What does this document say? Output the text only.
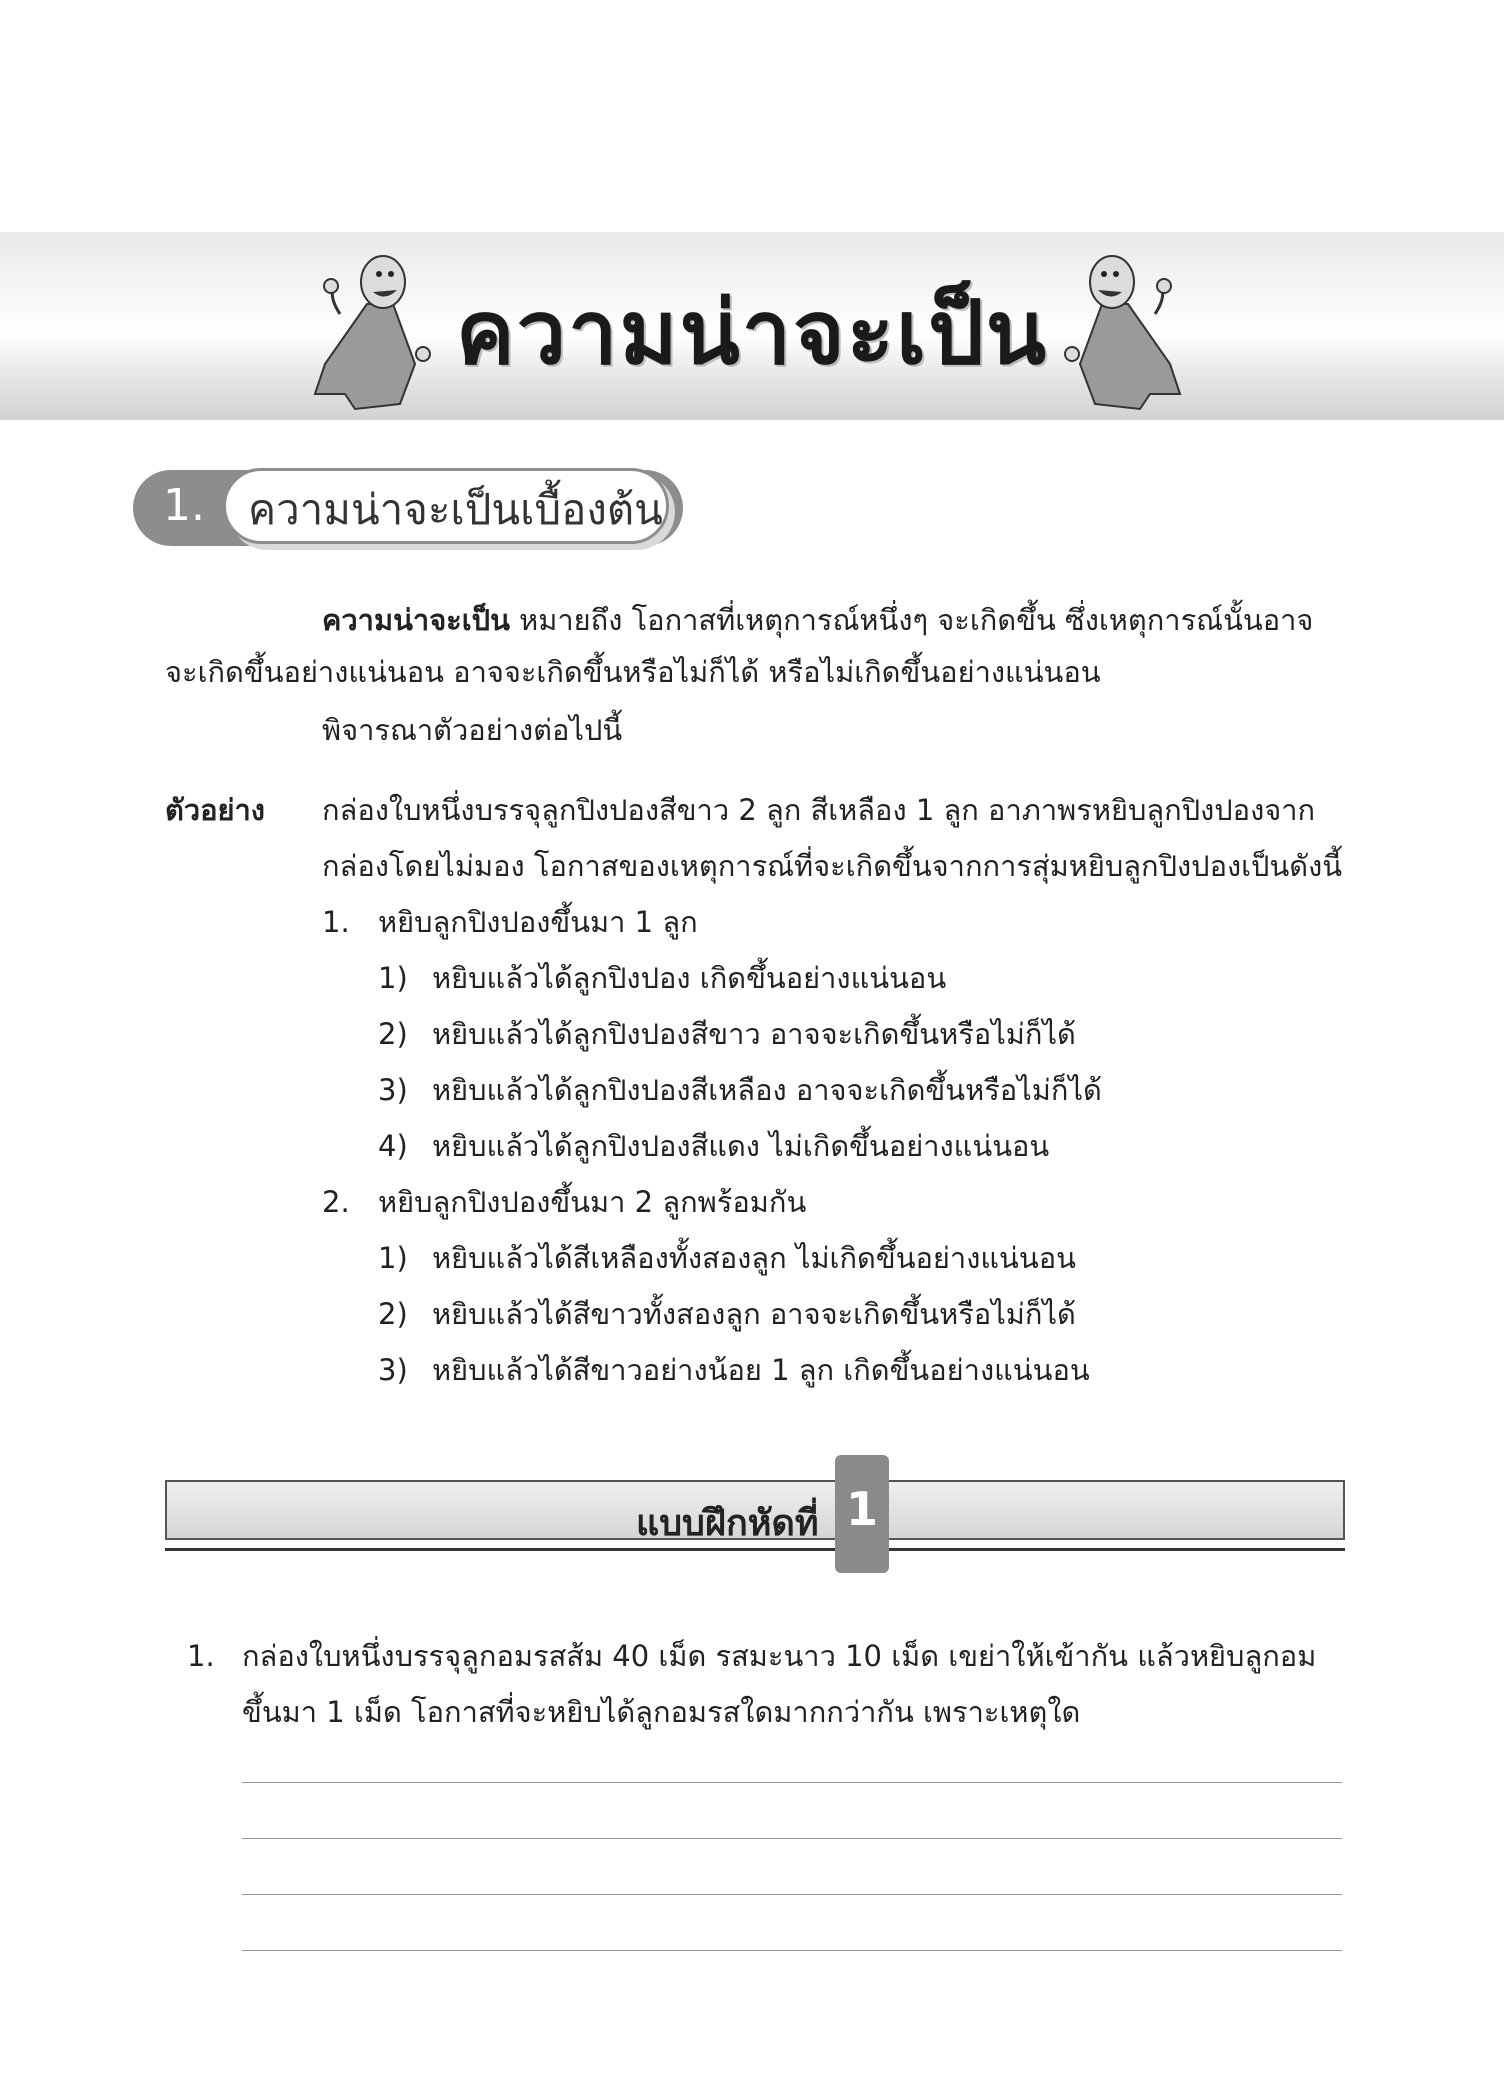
ความน่าจะเป็น
1. ความน่าจะเป็นเบื้องต้น
ความน่าจะเป็น หมายถึง โอกาสที่เหตุการณ์หนึ่งๆ จะเกิดขึ้น ซึ่งเหตุการณ์นั้นอาจ
จะเกิดขึ้นอย่างแน่นอน อาจจะเกิดขึ้นหรือไม่ก็ได้ หรือไม่เกิดขึ้นอย่างแน่นอน
พิจารณาตัวอย่างต่อไปนี้
ตัวอย่าง กล่องใบหนึ่งบรรจุลูกปิงปองสีขาว 2 ลูก สีเหลือง 1 ลูก อาภาพรหยิบลูกปิงปองจาก
กล่องโดยไม่มอง โอกาสของเหตุการณ์ที่จะเกิดขึ้นจากการสุ่มหยิบลูกปิงปองเป็นดังนี้
1. หยิบลูกปิงปองขึ้นมา 1 ลูก
1) หยิบแล้วได้ลูกปิงปอง เกิดขึ้นอย่างแน่นอน
2) หยิบแล้วได้ลูกปิงปองสีขาว อาจจะเกิดขึ้นหรือไม่ก็ได้
3) หยิบแล้วได้ลูกปิงปองสีเหลือง อาจจะเกิดขึ้นหรือไม่ก็ได้
4) หยิบแล้วได้ลูกปิงปองสีแดง ไม่เกิดขึ้นอย่างแน่นอน
2. หยิบลูกปิงปองขึ้นมา 2 ลูกพร้อมกัน
1) หยิบแล้วได้สีเหลืองทั้งสองลูก ไม่เกิดขึ้นอย่างแน่นอน
2) หยิบแล้วได้สีขาวทั้งสองลูก อาจจะเกิดขึ้นหรือไม่ก็ได้
3) หยิบแล้วได้สีขาวอย่างน้อย 1 ลูก เกิดขึ้นอย่างแน่นอน
แบบฝึกหัดที่ 1
1. กล่องใบหนึ่งบรรจุลูกอมรสส้ม 40 เม็ด รสมะนาว 10 เม็ด เขย่าให้เข้ากัน แล้วหยิบลูกอม
ขึ้นมา 1 เม็ด โอกาสที่จะหยิบได้ลูกอมรสใดมากกว่ากัน เพราะเหตุใด
